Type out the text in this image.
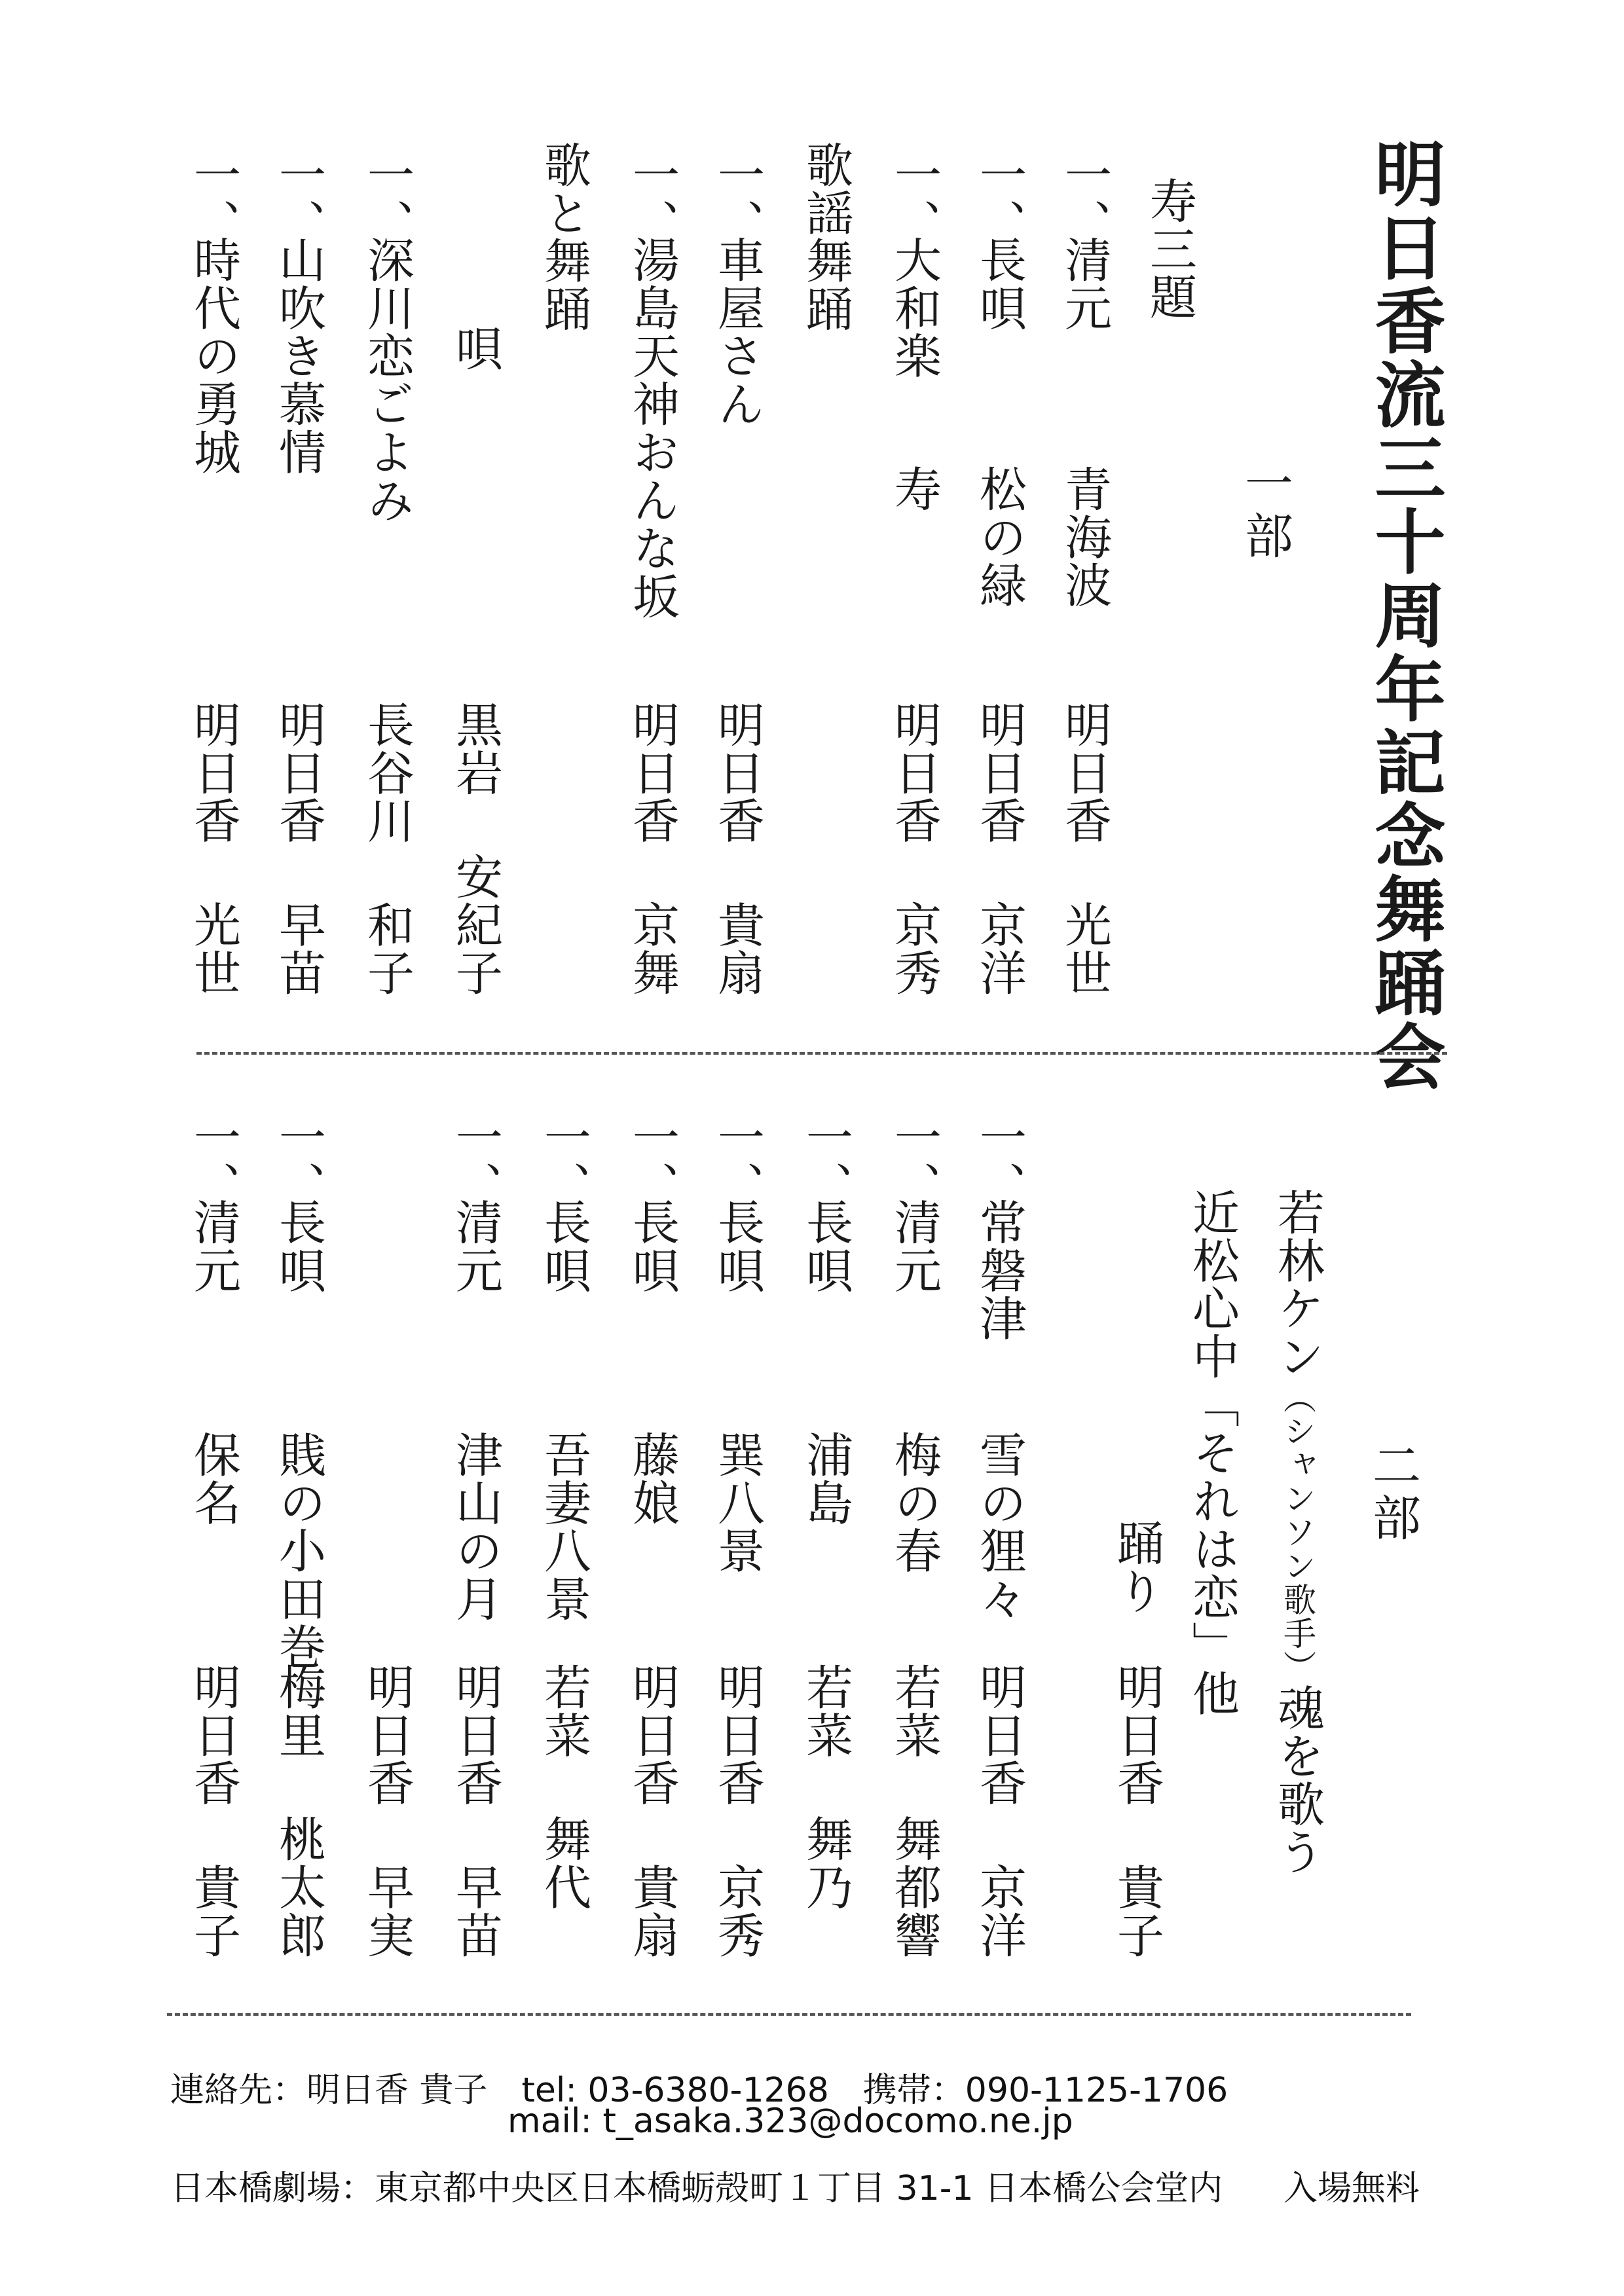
明日香流三十周年記念舞踊会
一部
寿三題
一、
清元
青海波
明日香 光世
一、
長唄
松の緑
明日香 京洋
一、
大和楽
寿
明日香 京秀
歌謡舞踊
一、
車屋さん
明日香 貴扇
一、
湯島天神おんな坂
明日香 京舞
歌と舞踊
唄
黒岩 安紀子
一、
深川恋ごよみ
長谷川 和子
一、
山吹き慕情
明日香 早苗
一、
時代の勇城
明日香 光世
二部
若林ケン（シャンソン歌手）魂を歌う
近松心中「それは恋」他
踊り
明日香 貴子
一、
常磐津
雪の狸々
明日香 京洋
一、
清元
梅の春
若菜 舞都響
一、
長唄
浦島
若菜 舞乃
一、
長唄
巽八景
明日香 京秀
一、
長唄
藤娘
明日香 貴扇
一、
長唄
吾妻八景
若菜 舞代
一、
清元
津山の月
明日香 早苗
明日香 早実
一、
長唄
賎の小田巻
梅里 桃太郎
一、
清元
保名
明日香 貴子
連絡先：明日香 貴子　tel: 03-6380-1268　携帯：090-1125-1706
mail: t_asaka.323@docomo.ne.jp
日本橋劇場：東京都中央区日本橋蛎殻町１丁目 31-1 日本橋公会堂内 入場無料
